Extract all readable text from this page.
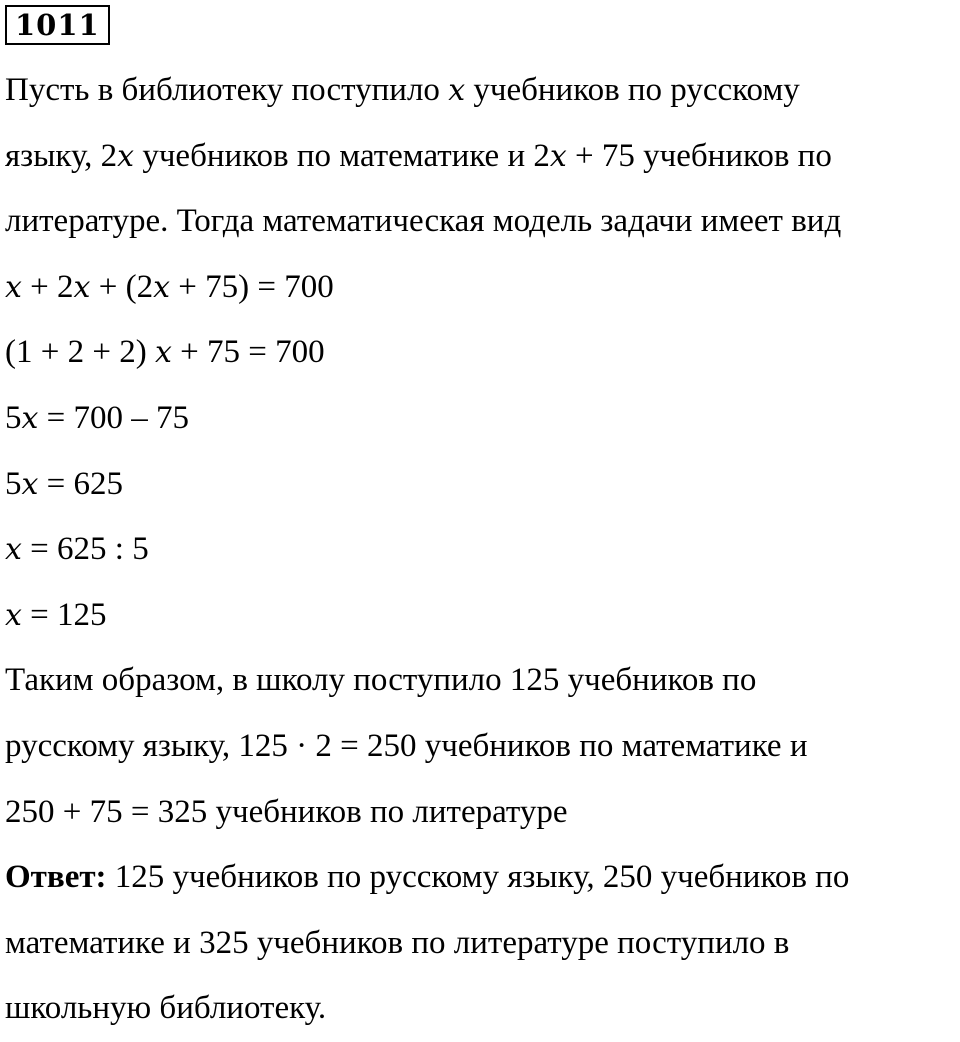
1011
Пусть в библиотеку поступило x учебников по русскому
языку, 2x учебников по математике и 2x + 75 учебников по
литературе. Тогда математическая модель задачи имеет вид
x + 2x + (2x + 75) = 700
(1 + 2 + 2) x + 75 = 700
5x = 700 – 75
5x = 625
x = 625 : 5
x = 125
Таким образом, в школу поступило 125 учебников по
русскому языку, 125 · 2 = 250 учебников по математике и
250 + 75 = 325 учебников по литературе
Ответ: 125 учебников по русскому языку, 250 учебников по
математике и 325 учебников по литературе поступило в
школьную библиотеку.
